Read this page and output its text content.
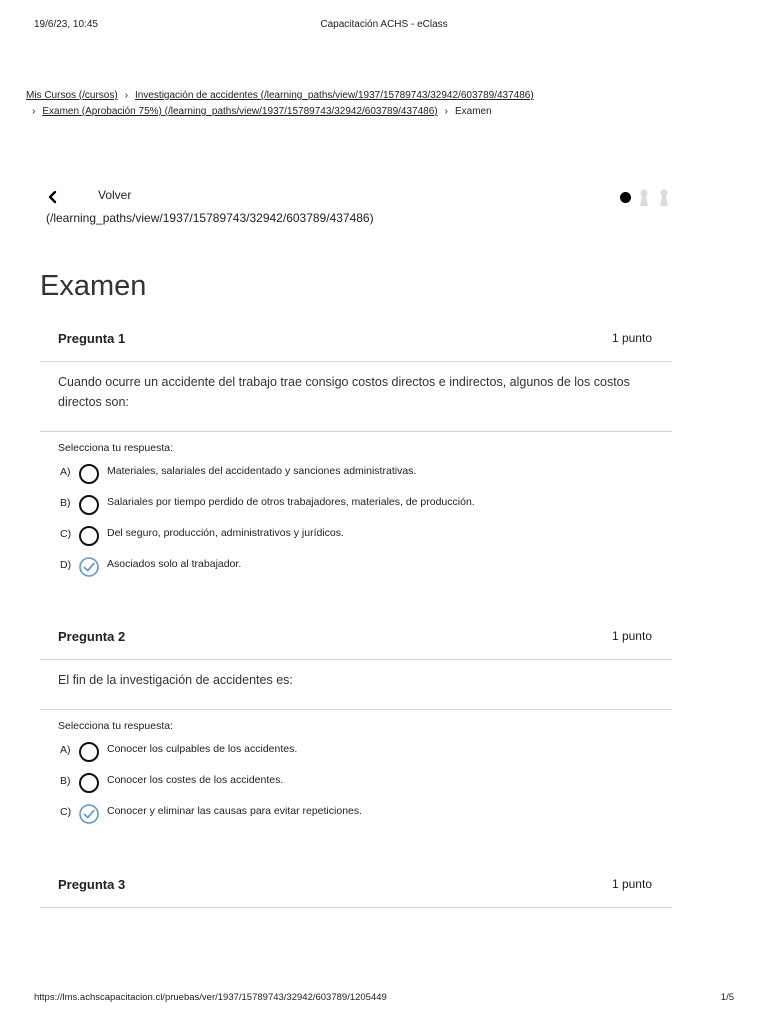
19/6/23, 10:45	Capacitación ACHS - eClass
Mis Cursos (/cursos) › Investigación de accidentes (/learning_paths/view/1937/15789743/32942/603789/437486)
› Examen (Aprobación 75%) (/learning_paths/view/1937/15789743/32942/603789/437486) › Examen
Volver
(/learning_paths/view/1937/15789743/32942/603789/437486)
Examen
Pregunta 1	1 punto
Cuando ocurre un accidente del trabajo trae consigo costos directos e indirectos, algunos de los costos directos son:
Selecciona tu respuesta:
A)	Materiales, salariales del accidentado y sanciones administrativas.
B)	Salariales por tiempo perdido de otros trabajadores, materiales, de producción.
C)	Del seguro, producción, administrativos y jurídicos.
D)	Asociados solo al trabajador.
Pregunta 2	1 punto
El fin de la investigación de accidentes es:
Selecciona tu respuesta:
A)	Conocer los culpables de los accidentes.
B)	Conocer los costes de los accidentes.
C)	Conocer y eliminar las causas para evitar repeticiones.
Pregunta 3	1 punto
https://lms.achscapacitacion.cl/pruebas/ver/1937/15789743/32942/603789/1205449	1/5
